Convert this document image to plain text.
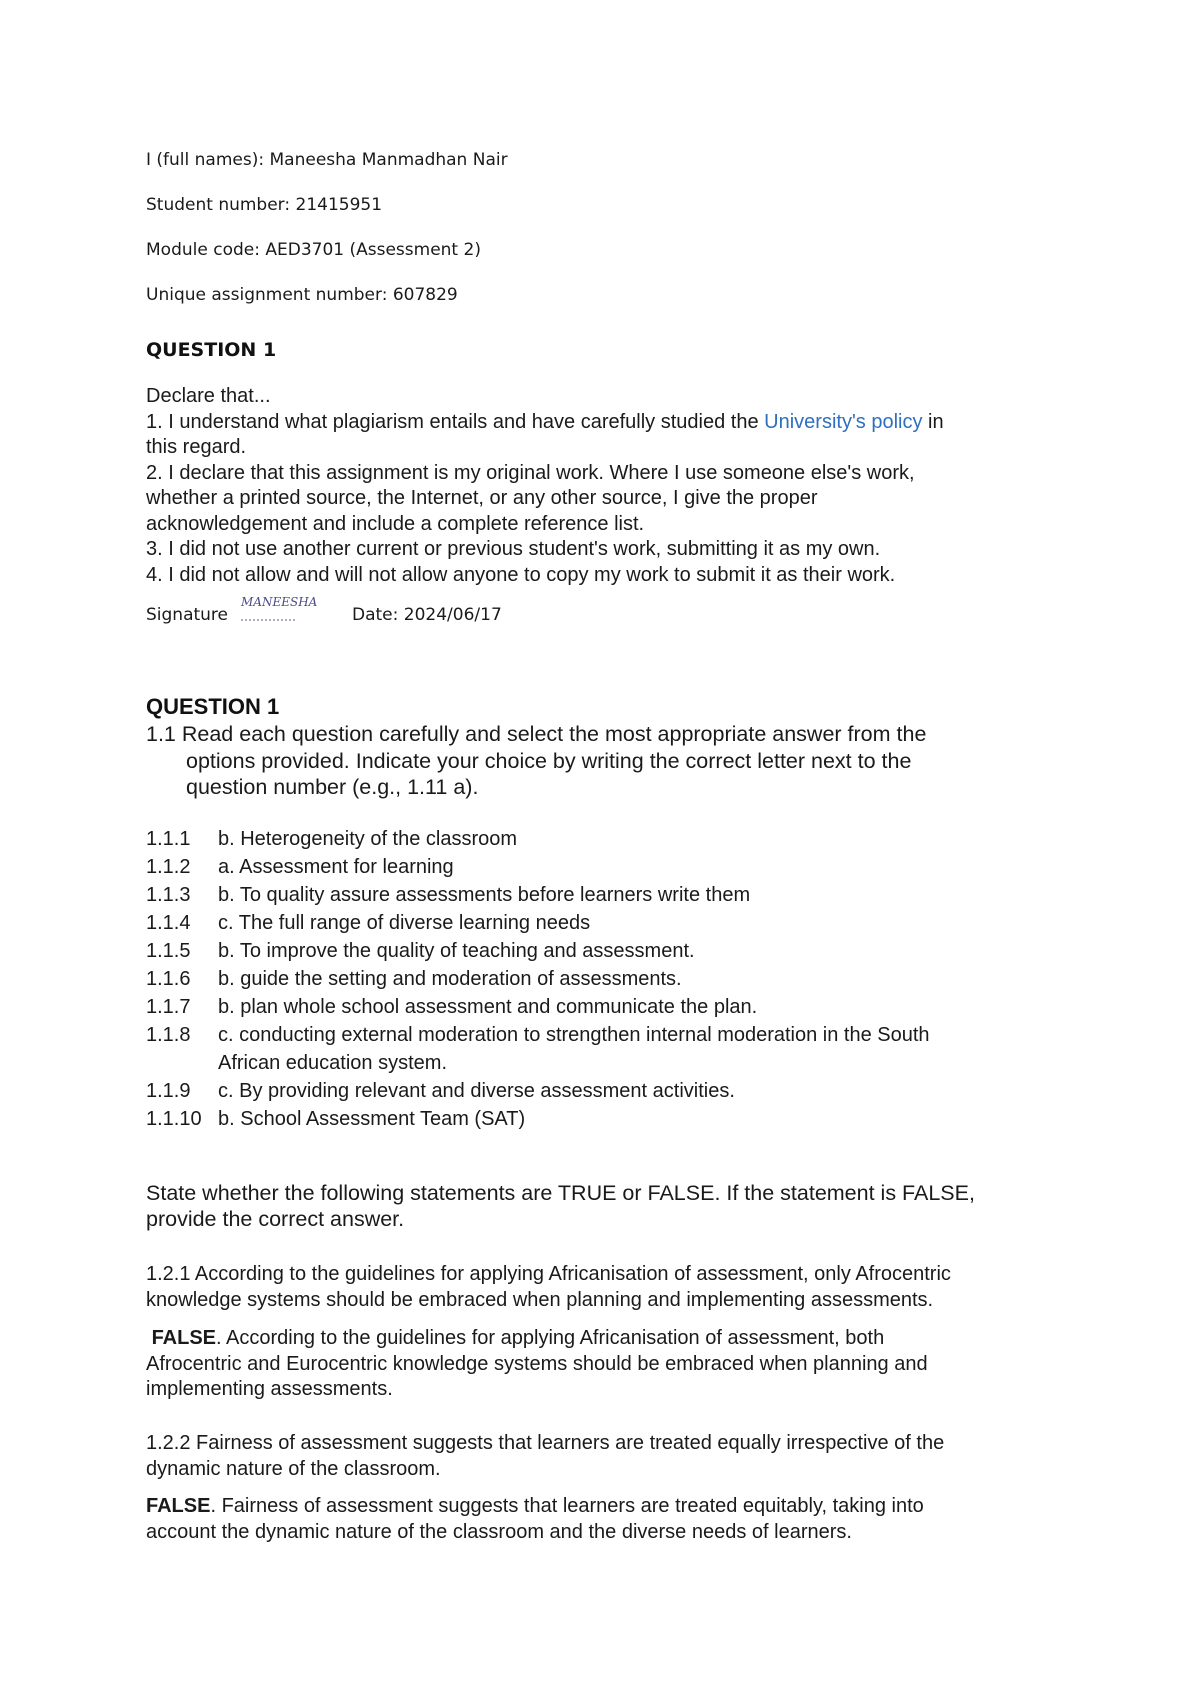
I (full names): Maneesha Manmadhan Nair
Student number: 21415951
Module code: AED3701 (Assessment 2)
Unique assignment number: 607829
QUESTION 1
Declare that...
1. I understand what plagiarism entails and have carefully studied the University's policy in
this regard.
2. I declare that this assignment is my original work. Where I use someone else's work,
whether a printed source, the Internet, or any other source, I give the proper
acknowledgement and include a complete reference list.
3. I did not use another current or previous student's work, submitting it as my own.
4. I did not allow and will not allow anyone to copy my work to submit it as their work.
Signature
MANEESHA
Date: 2024/06/17
QUESTION 1
1.1 Read each question carefully and select the most appropriate answer from the
options provided. Indicate your choice by writing the correct letter next to the
question number (e.g., 1.11 a).
1.1.1 b. Heterogeneity of the classroom
1.1.2 a. Assessment for learning
1.1.3 b. To quality assure assessments before learners write them
1.1.4 c. The full range of diverse learning needs
1.1.5 b. To improve the quality of teaching and assessment.
1.1.6 b. guide the setting and moderation of assessments.
1.1.7 b. plan whole school assessment and communicate the plan.
1.1.8 c. conducting external moderation to strengthen internal moderation in the South
African education system.
1.1.9 c. By providing relevant and diverse assessment activities.
1.1.10 b. School Assessment Team (SAT)
State whether the following statements are TRUE or FALSE. If the statement is FALSE,
provide the correct answer.
1.2.1 According to the guidelines for applying Africanisation of assessment, only Afrocentric
knowledge systems should be embraced when planning and implementing assessments.
FALSE. According to the guidelines for applying Africanisation of assessment, both
Afrocentric and Eurocentric knowledge systems should be embraced when planning and
implementing assessments.
1.2.2 Fairness of assessment suggests that learners are treated equally irrespective of the
dynamic nature of the classroom.
FALSE. Fairness of assessment suggests that learners are treated equitably, taking into
account the dynamic nature of the classroom and the diverse needs of learners.
